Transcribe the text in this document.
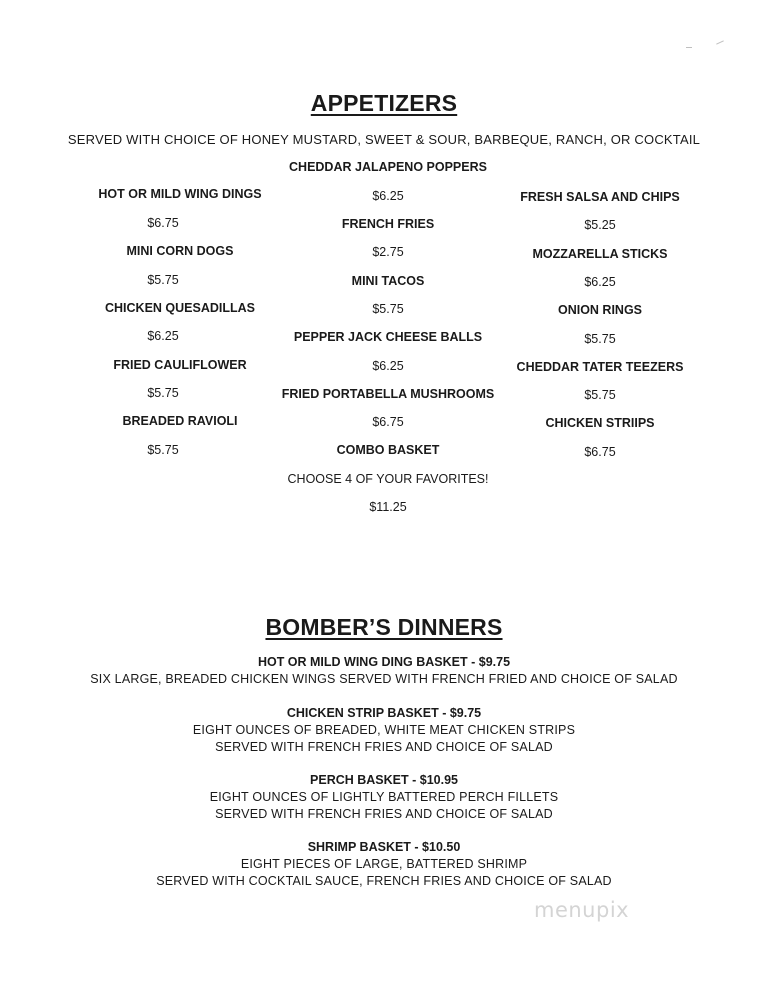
APPETIZERS
SERVED WITH CHOICE OF HONEY MUSTARD, SWEET & SOUR, BARBEQUE, RANCH, OR COCKTAIL
HOT OR MILD WING DINGS
$6.75
MINI CORN DOGS
$5.75
CHICKEN QUESADILLAS
$6.25
FRIED CAULIFLOWER
$5.75
BREADED RAVIOLI
$5.75
CHEDDAR JALAPENO POPPERS
$6.25
FRENCH FRIES
$2.75
MINI TACOS
$5.75
PEPPER JACK CHEESE BALLS
$6.25
FRIED PORTABELLA MUSHROOMS
$6.75
COMBO BASKET
CHOOSE 4 OF YOUR FAVORITES!
$11.25
FRESH SALSA AND CHIPS
$5.25
MOZZARELLA STICKS
$6.25
ONION RINGS
$5.75
CHEDDAR TATER TEEZERS
$5.75
CHICKEN STRIIPS
$6.75
BOMBER’S DINNERS
HOT OR MILD WING DING BASKET - $9.75
SIX LARGE, BREADED CHICKEN WINGS SERVED WITH FRENCH FRIED AND CHOICE OF SALAD
CHICKEN STRIP BASKET - $9.75
EIGHT OUNCES OF BREADED, WHITE MEAT CHICKEN STRIPS
SERVED WITH FRENCH FRIES AND CHOICE OF SALAD
PERCH BASKET - $10.95
EIGHT OUNCES OF LIGHTLY BATTERED PERCH FILLETS
SERVED WITH FRENCH FRIES AND CHOICE OF SALAD
SHRIMP BASKET - $10.50
EIGHT PIECES OF LARGE, BATTERED SHRIMP
SERVED WITH COCKTAIL SAUCE, FRENCH FRIES AND CHOICE OF SALAD
menupix
